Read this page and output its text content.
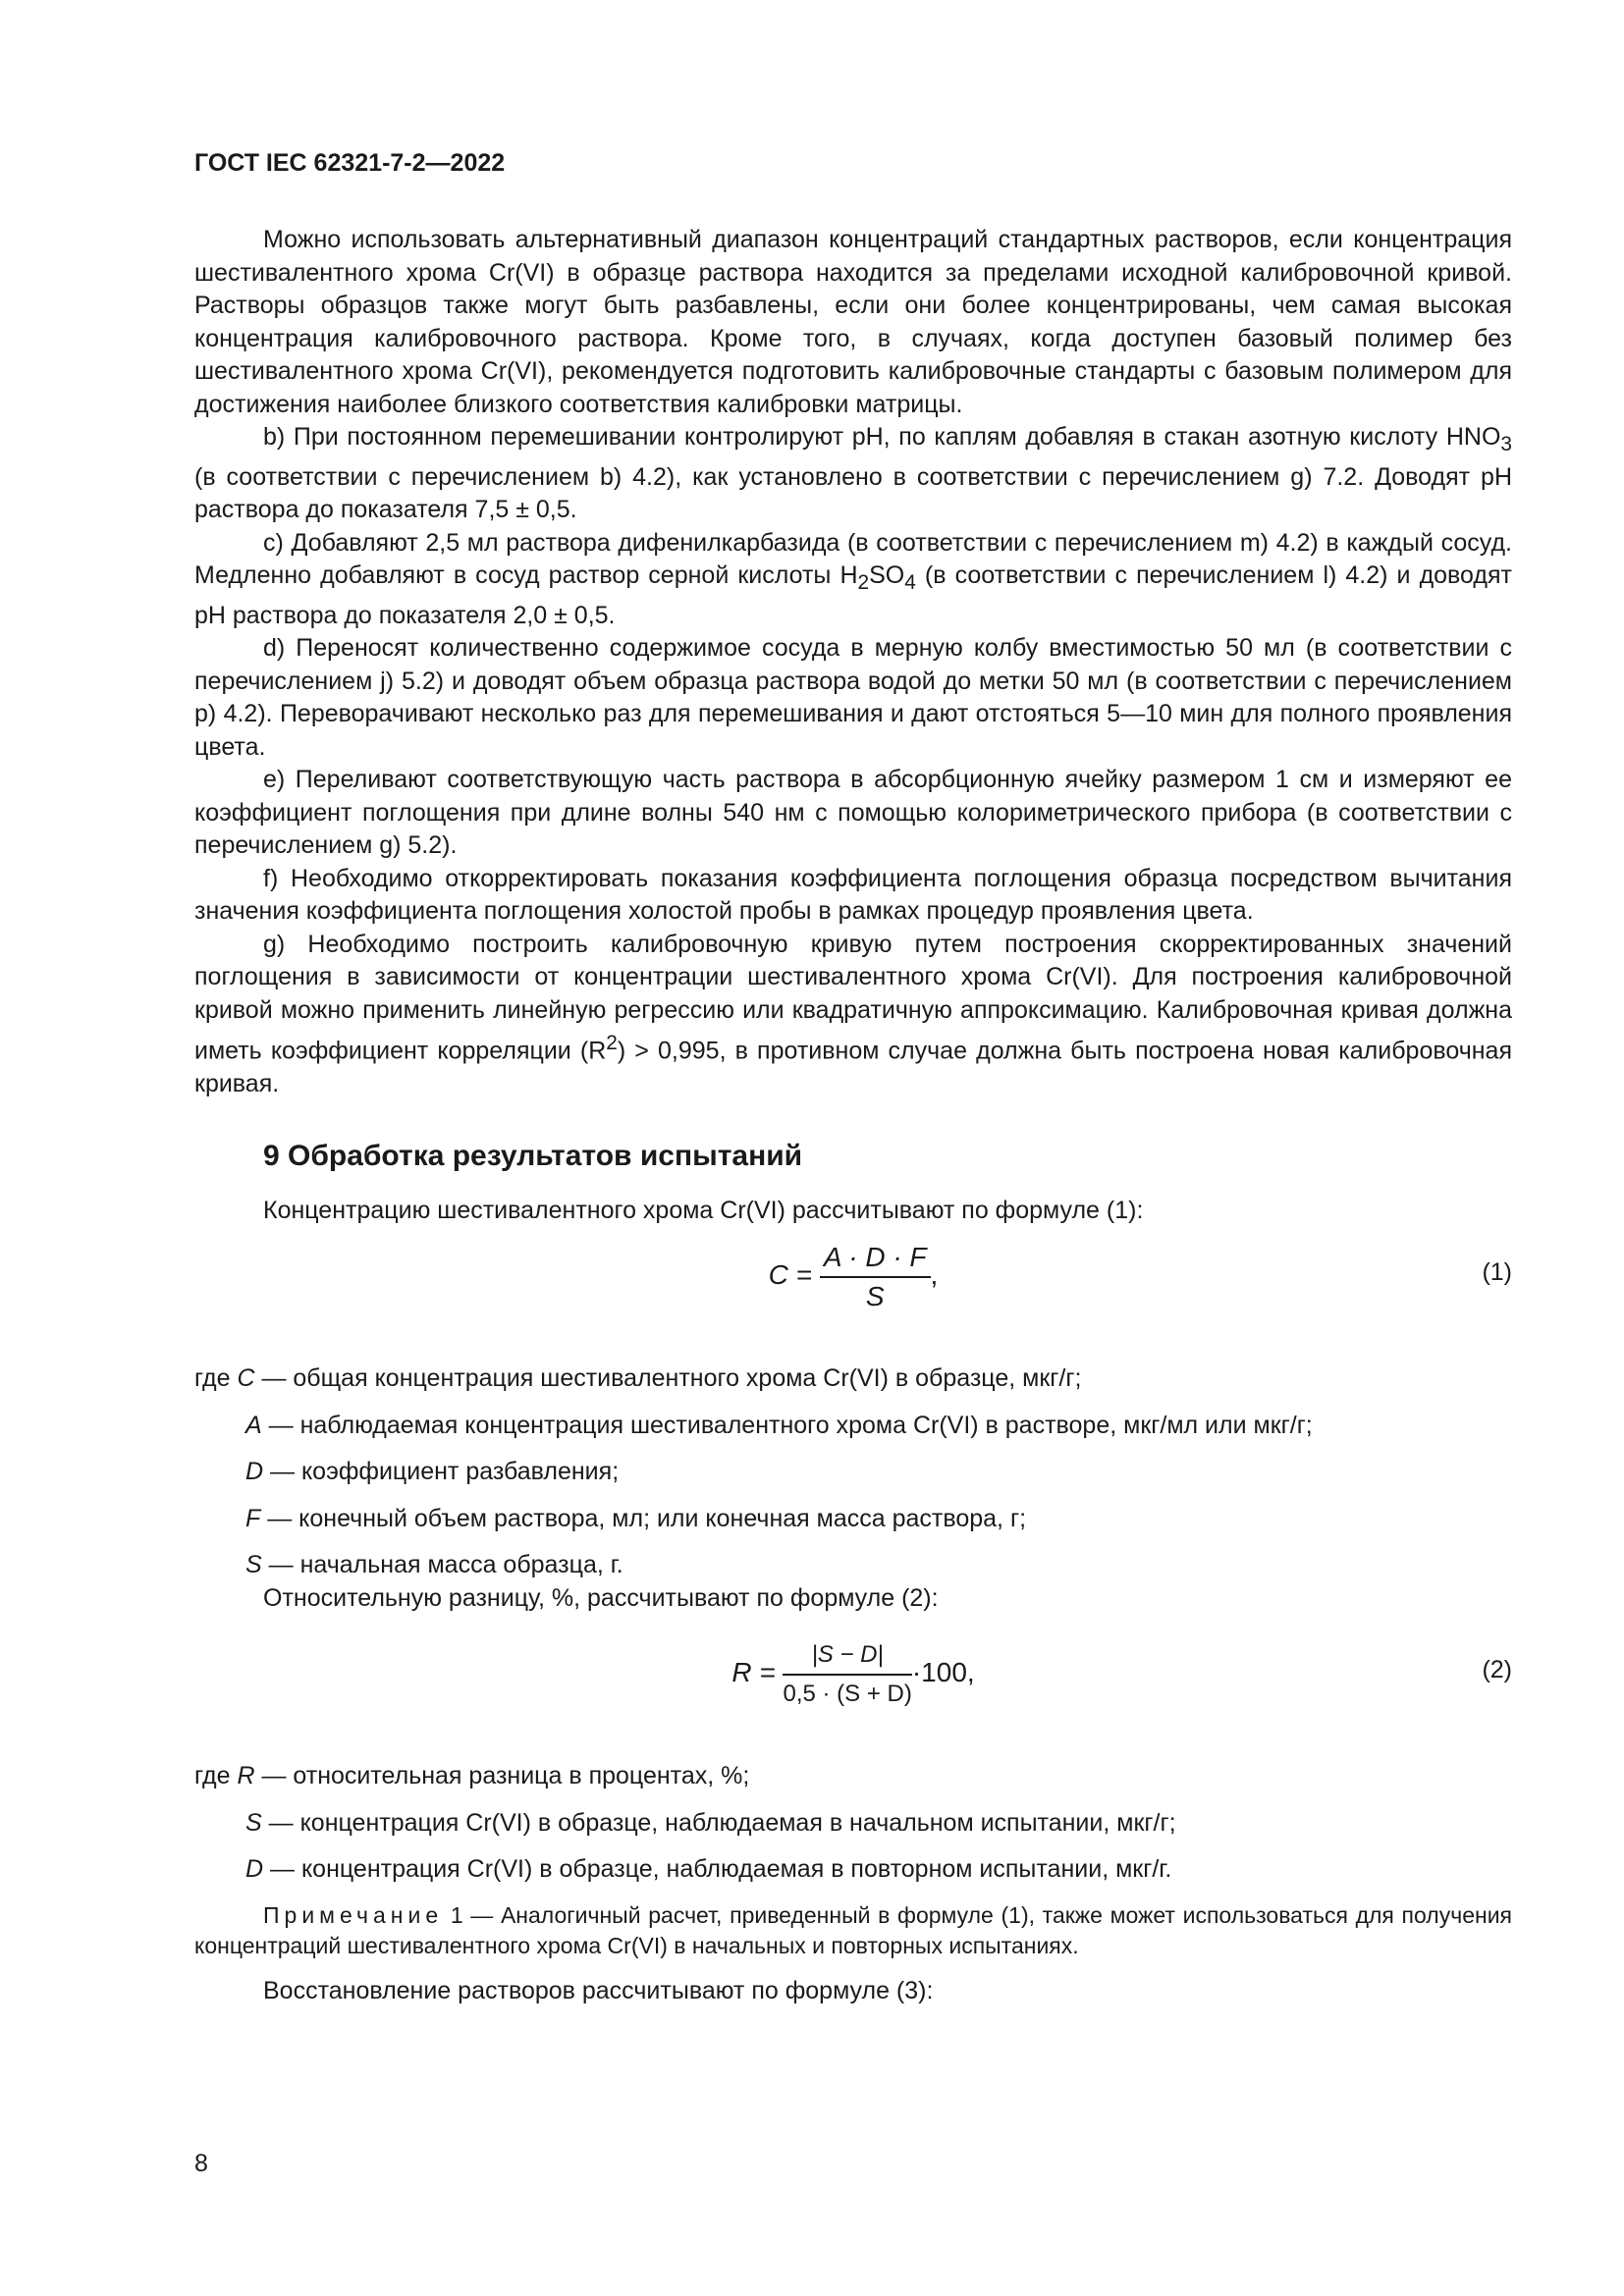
ГОСТ IEC 62321-7-2—2022

Можно использовать альтернативный диапазон концентраций стандартных растворов, если концентрация шестивалентного хрома Cr(VI) в образце раствора находится за пределами исходной калибровочной кривой. Растворы образцов также могут быть разбавлены, если они более концентрированы, чем самая высокая концентрация калибровочного раствора. Кроме того, в случаях, когда доступен базовый полимер без шестивалентного хрома Cr(VI), рекомендуется подготовить калибровочные стандарты с базовым полимером для достижения наиболее близкого соответствия калибровки матрицы.

b) При постоянном перемешивании контролируют pH, по каплям добавляя в стакан азотную кислоту $HNO_3$ (в соответствии с перечислением b) 4.2), как установлено в соответствии с перечислением g) 7.2. Доводят pH раствора до показателя 7,5 ± 0,5.

c) Добавляют 2,5 мл раствора дифенилкарбазида (в соответствии с перечислением m) 4.2) в каждый сосуд. Медленно добавляют в сосуд раствор серной кислоты $H_2SO_4$ (в соответствии с перечислением l) 4.2) и доводят pH раствора до показателя 2,0 ± 0,5.

d) Переносят количественно содержимое сосуда в мерную колбу вместимостью 50 мл (в соответствии с перечислением j) 5.2) и доводят объем образца раствора водой до метки 50 мл (в соответствии с перечислением p) 4.2). Переворачивают несколько раз для перемешивания и дают отстояться 5—10 мин для полного проявления цвета.

e) Переливают соответствующую часть раствора в абсорбционную ячейку размером 1 см и измеряют ее коэффициент поглощения при длине волны 540 нм с помощью колориметрического прибора (в соответствии с перечислением g) 5.2).

f) Необходимо откорректировать показания коэффициента поглощения образца посредством вычитания значения коэффициента поглощения холостой пробы в рамках процедур проявления цвета.

g) Необходимо построить калибровочную кривую путем построения скорректированных значений поглощения в зависимости от концентрации шестивалентного хрома Cr(VI). Для построения калибровочной кривой можно применить линейную регрессию или квадратичную аппроксимацию. Калибровочная кривая должна иметь коэффициент корреляции $(R^2) > 0,995$, в противном случае должна быть построена новая калибровочная кривая.

9 Обработка результатов испытаний

Концентрацию шестивалентного хрома Cr(VI) рассчитывают по формуле (1):

$C = \frac{A \cdot D \cdot F}{S}$ ,	(1)

где C — общая концентрация шестивалентного хрома Cr(VI) в образце, мкг/г;

A — наблюдаемая концентрация шестивалентного хрома Cr(VI) в растворе, мкг/мл или мкг/г;

D — коэффициент разбавления;

F — конечный объем раствора, мл; или конечная масса раствора, г;

S — начальная масса образца, г.

Относительную разницу, %, рассчитывают по формуле (2):

$R = \frac{|S - D|}{0,5 \cdot (S + D)} \cdot 100$,	(2)

где R — относительная разница в процентах, %;

S — концентрация Cr(VI) в образце, наблюдаемая в начальном испытании, мкг/г;

D — концентрация Cr(VI) в образце, наблюдаемая в повторном испытании, мкг/г.

Примечание 1 — Аналогичный расчет, приведенный в формуле (1), также может использоваться для получения концентраций шестивалентного хрома Cr(VI) в начальных и повторных испытаниях.

Восстановление растворов рассчитывают по формуле (3):

8
